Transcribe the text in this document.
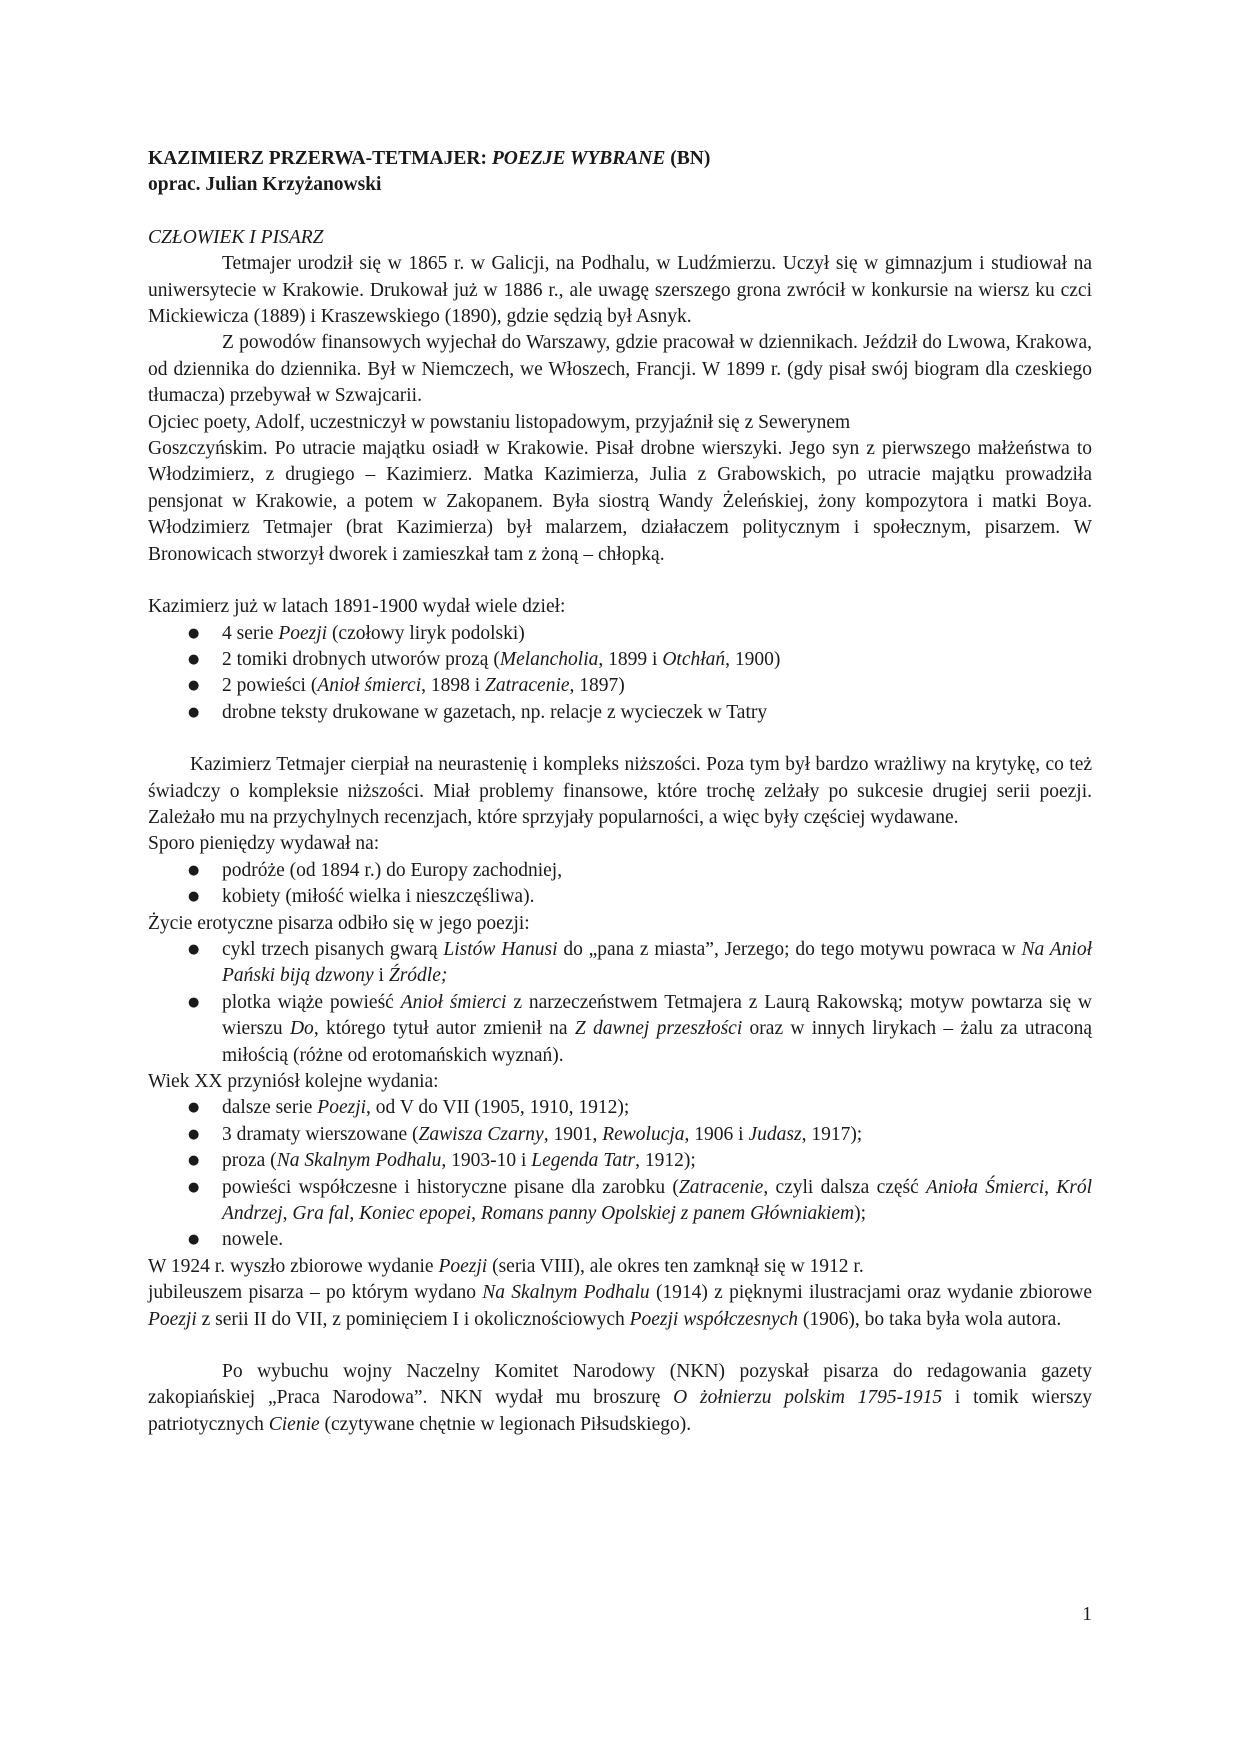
KAZIMIERZ PRZERWA-TETMAJER: POEZJE WYBRANE (BN)

oprac. Julian Krzyżanowski

CZŁOWIEK I PISARZ

Tetmajer urodził się w 1865 r. w Galicji, na Podhalu, w Ludźmierzu. Uczył się w gimnazjum i studiował na uniwersytecie w Krakowie. Drukował już w 1886 r., ale uwagę szerszego grona zwrócił w konkursie na wiersz ku czci Mickiewicza (1889) i Kraszewskiego (1890), gdzie sędzią był Asnyk.

Z powodów finansowych wyjechał do Warszawy, gdzie pracował w dziennikach. Jeździł do Lwowa, Krakowa, od dziennika do dziennika. Był w Niemczech, we Włoszech, Francji. W 1899 r. (gdy pisał swój biogram dla czeskiego tłumacza) przebywał w Szwajcarii.

Ojciec poety, Adolf, uczestniczył w powstaniu listopadowym, przyjaźnił się z Sewerynem

Goszczyńskim. Po utracie majątku osiadł w Krakowie. Pisał drobne wierszyki. Jego syn z pierwszego małżeństwa to Włodzimierz, z drugiego – Kazimierz. Matka Kazimierza, Julia z Grabowskich, po utracie majątku prowadziła pensjonat w Krakowie, a potem w Zakopanem. Była siostrą Wandy Żeleńskiej, żony kompozytora i matki Boya. Włodzimierz Tetmajer (brat Kazimierza) był malarzem, działaczem politycznym i społecznym, pisarzem. W Bronowicach stworzył dworek i zamieszkał tam z żoną – chłopką.

Kazimierz już w latach 1891-1900 wydał wiele dzieł:

● 4 serie Poezji (czołowy liryk podolski)
● 2 tomiki drobnych utworów prozą (Melancholia, 1899 i Otchłań, 1900)
● 2 powieści (Anioł śmierci, 1898 i Zatracenie, 1897)
● drobne teksty drukowane w gazetach, np. relacje z wycieczek w Tatry

Kazimierz Tetmajer cierpiał na neurastenię i kompleks niższości. Poza tym był bardzo wrażliwy na krytykę, co też świadczy o kompleksie niższości. Miał problemy finansowe, które trochę zelżały po sukcesie drugiej serii poezji. Zależało mu na przychylnych recenzjach, które sprzyjały popularności, a więc były częściej wydawane.

Sporo pieniędzy wydawał na:

● podróże (od 1894 r.) do Europy zachodniej,
● kobiety (miłość wielka i nieszczęśliwa).

Życie erotyczne pisarza odbiło się w jego poezji:

● cykl trzech pisanych gwarą Listów Hanusi do „pana z miasta”, Jerzego; do tego motywu powraca w Na Anioł Pański biją dzwony i Źródle;
● plotka wiąże powieść Anioł śmierci z narzeczeństwem Tetmajera z Laurą Rakowską; motyw powtarza się w wierszu Do, którego tytuł autor zmienił na Z dawnej przeszłości oraz w innych lirykach – żalu za utraconą miłością (różne od erotomańskich wyznań).

Wiek XX przyniósł kolejne wydania:

● dalsze serie Poezji, od V do VII (1905, 1910, 1912);
● 3 dramaty wierszowane (Zawisza Czarny, 1901, Rewolucja, 1906 i Judasz, 1917);
● proza (Na Skalnym Podhalu, 1903-10 i Legenda Tatr, 1912);
● powieści współczesne i historyczne pisane dla zarobku (Zatracenie, czyli dalsza część Anioła Śmierci, Król Andrzej, Gra fal, Koniec epopei, Romans panny Opolskiej z panem Główniakiem);
● nowele.

W 1924 r. wyszło zbiorowe wydanie Poezji (seria VIII), ale okres ten zamknął się w 1912 r.

jubileuszem pisarza – po którym wydano Na Skalnym Podhalu (1914) z pięknymi ilustracjami oraz wydanie zbiorowe Poezji z serii II do VII, z pominięciem I i okolicznościowych Poezji współczesnych (1906), bo taka była wola autora.

Po wybuchu wojny Naczelny Komitet Narodowy (NKN) pozyskał pisarza do redagowania gazety zakopiańskiej „Praca Narodowa”. NKN wydał mu broszurę O żołnierzu polskim 1795-1915 i tomik wierszy patriotycznych Cienie (czytywane chętnie w legionach Piłsudskiego).

1
